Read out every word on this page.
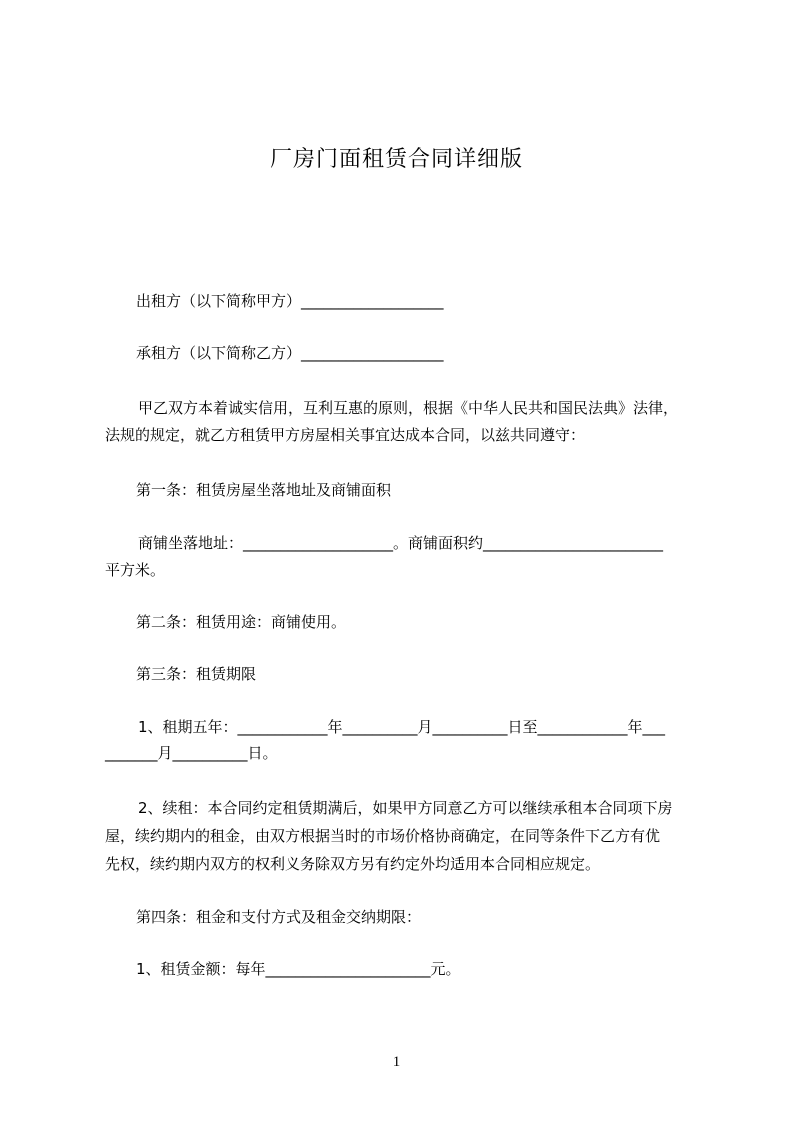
厂房门面租赁合同详细版
出租方（以下简称甲方）___________________
承租方（以下简称乙方）___________________
甲乙双方本着诚实信用，互利互惠的原则，根据《中华人民共和国民法典》法律，
法规的规定，就乙方租赁甲方房屋相关事宜达成本合同，以兹共同遵守：
第一条：租赁房屋坐落地址及商铺面积
商铺坐落地址：____________________。商铺面积约________________________
平方米。
第二条：租赁用途：商铺使用。
第三条：租赁期限
1、租期五年：____________年__________月__________日至____________年___
_______月__________日。
2、续租：本合同约定租赁期满后，如果甲方同意乙方可以继续承租本合同项下房
屋，续约期内的租金，由双方根据当时的市场价格协商确定，在同等条件下乙方有优
先权，续约期内双方的权利义务除双方另有约定外均适用本合同相应规定。
第四条：租金和支付方式及租金交纳期限：
1、租赁金额：每年______________________元。
1
